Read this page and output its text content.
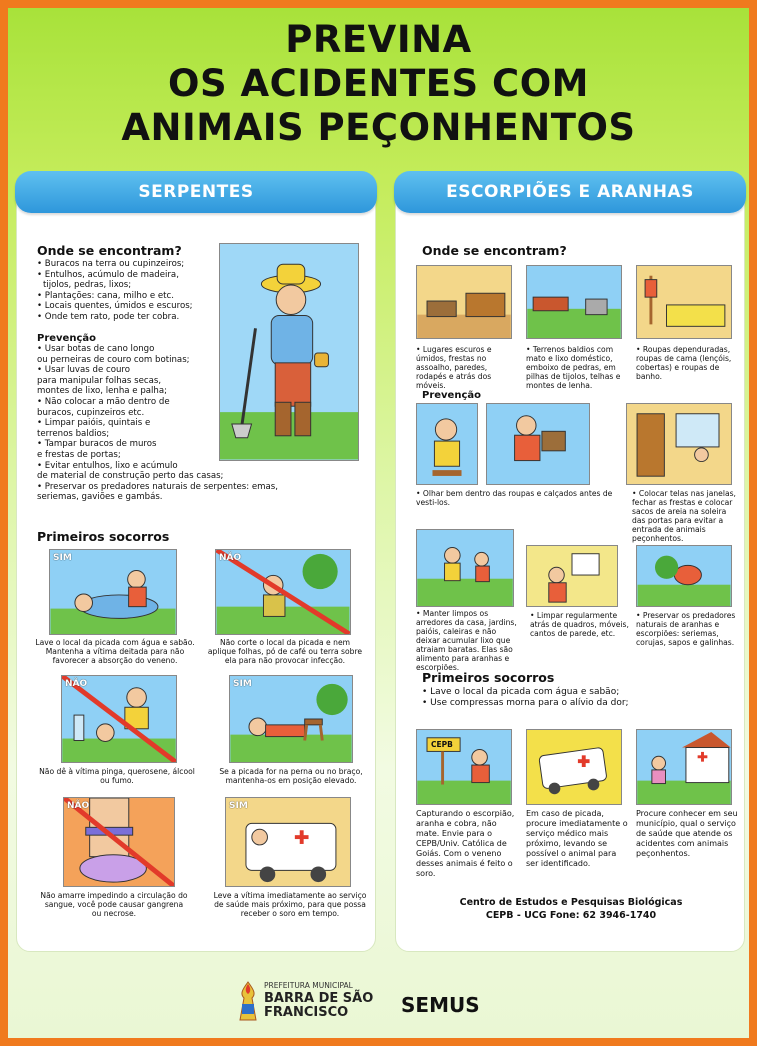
PREVINA
OS ACIDENTES COM
ANIMAIS PEÇONHENTOS
SERPENTES
Onde se encontram?
• Buracos na terra ou cupinzeiros;
• Entulhos, acúmulo de madeira,
tijolos, pedras, lixos;
• Plantações: cana, milho e etc.
• Locais quentes, úmidos e escuros;
• Onde tem rato, pode ter cobra.
Prevenção
• Usar botas de cano longo
ou perneiras de couro com botinas;
• Usar luvas de couro
para manipular folhas secas,
montes de lixo, lenha e palha;
• Não colocar a mão dentro de
buracos, cupinzeiros etc.
• Limpar paióis, quintais e
terrenos baldios;
• Tampar buracos de muros
e frestas de portas;
• Evitar entulhos, lixo e acúmulo
de material de construção perto das casas;
• Preservar os predadores naturais de serpentes: emas,
seriemas, gaviões e gambás.
Primeiros socorros
SIM	NÃO
Lave o local da picada com água e sabão. Mantenha a vítima deitada para não favorecer a absorção do veneno.
Não corte o local da picada e nem aplique folhas, pó de café ou terra sobre ela para não provocar infecção.
NÃO	SIM
Não dê à vítima pinga, querosene, álcool ou fumo.
Se a picada for na perna ou no braço, mantenha-os em posição elevado.
NÃO	SIM
Não amarre impedindo a circulação do sangue, você pode causar gangrena ou necrose.
Leve a vítima imediatamente ao serviço de saúde mais próximo, para que possa receber o soro em tempo.
ESCORPIÕES E ARANHAS
Onde se encontram?
• Lugares escuros e úmidos, frestas no assoalho, paredes, rodapés e atrás dos móveis.
• Terrenos baldios com mato e lixo doméstico, emboixo de pedras, em pilhas de tijolos, telhas e montes de lenha.
• Roupas dependuradas, roupas de cama (lençóis, cobertas) e roupas de banho.
Prevenção
• Olhar bem dentro das roupas e calçados antes de vesti-los.
• Colocar telas nas janelas, fechar as frestas e colocar sacos de areia na soleira das portas para evitar a entrada de animais peçonhentos.
• Manter limpos os arredores da casa, jardins, paióis, caleiras e não deixar acumular lixo que atraiam baratas. Elas são alimento para aranhas e escorpiões.
• Limpar regularmente atrás de quadros, móveis, cantos de parede, etc.
• Preservar os predadores naturais de aranhas e escorpiões: seriemas, corujas, sapos e galinhas.
Primeiros socorros
• Lave o local da picada com água e sabão;
• Use compressas morna para o alívio da dor;
CEPB
Capturando o escorpião, aranha e cobra, não mate. Envie para o CEPB/Univ. Católica de Goiás. Com o veneno desses animais é feito o soro.
Em caso de picada, procure imediatamente o serviço médico mais próximo, levando se possível o animal para ser identificado.
Procure conhecer em seu município, qual o serviço de saúde que atende os acidentes com animais peçonhentos.
Centro de Estudos e Pesquisas Biológicas
CEPB - UCG Fone: 62 3946-1740
PREFEITURA MUNICIPAL
BARRA DE SÃO
FRANCISCO	SEMUS
